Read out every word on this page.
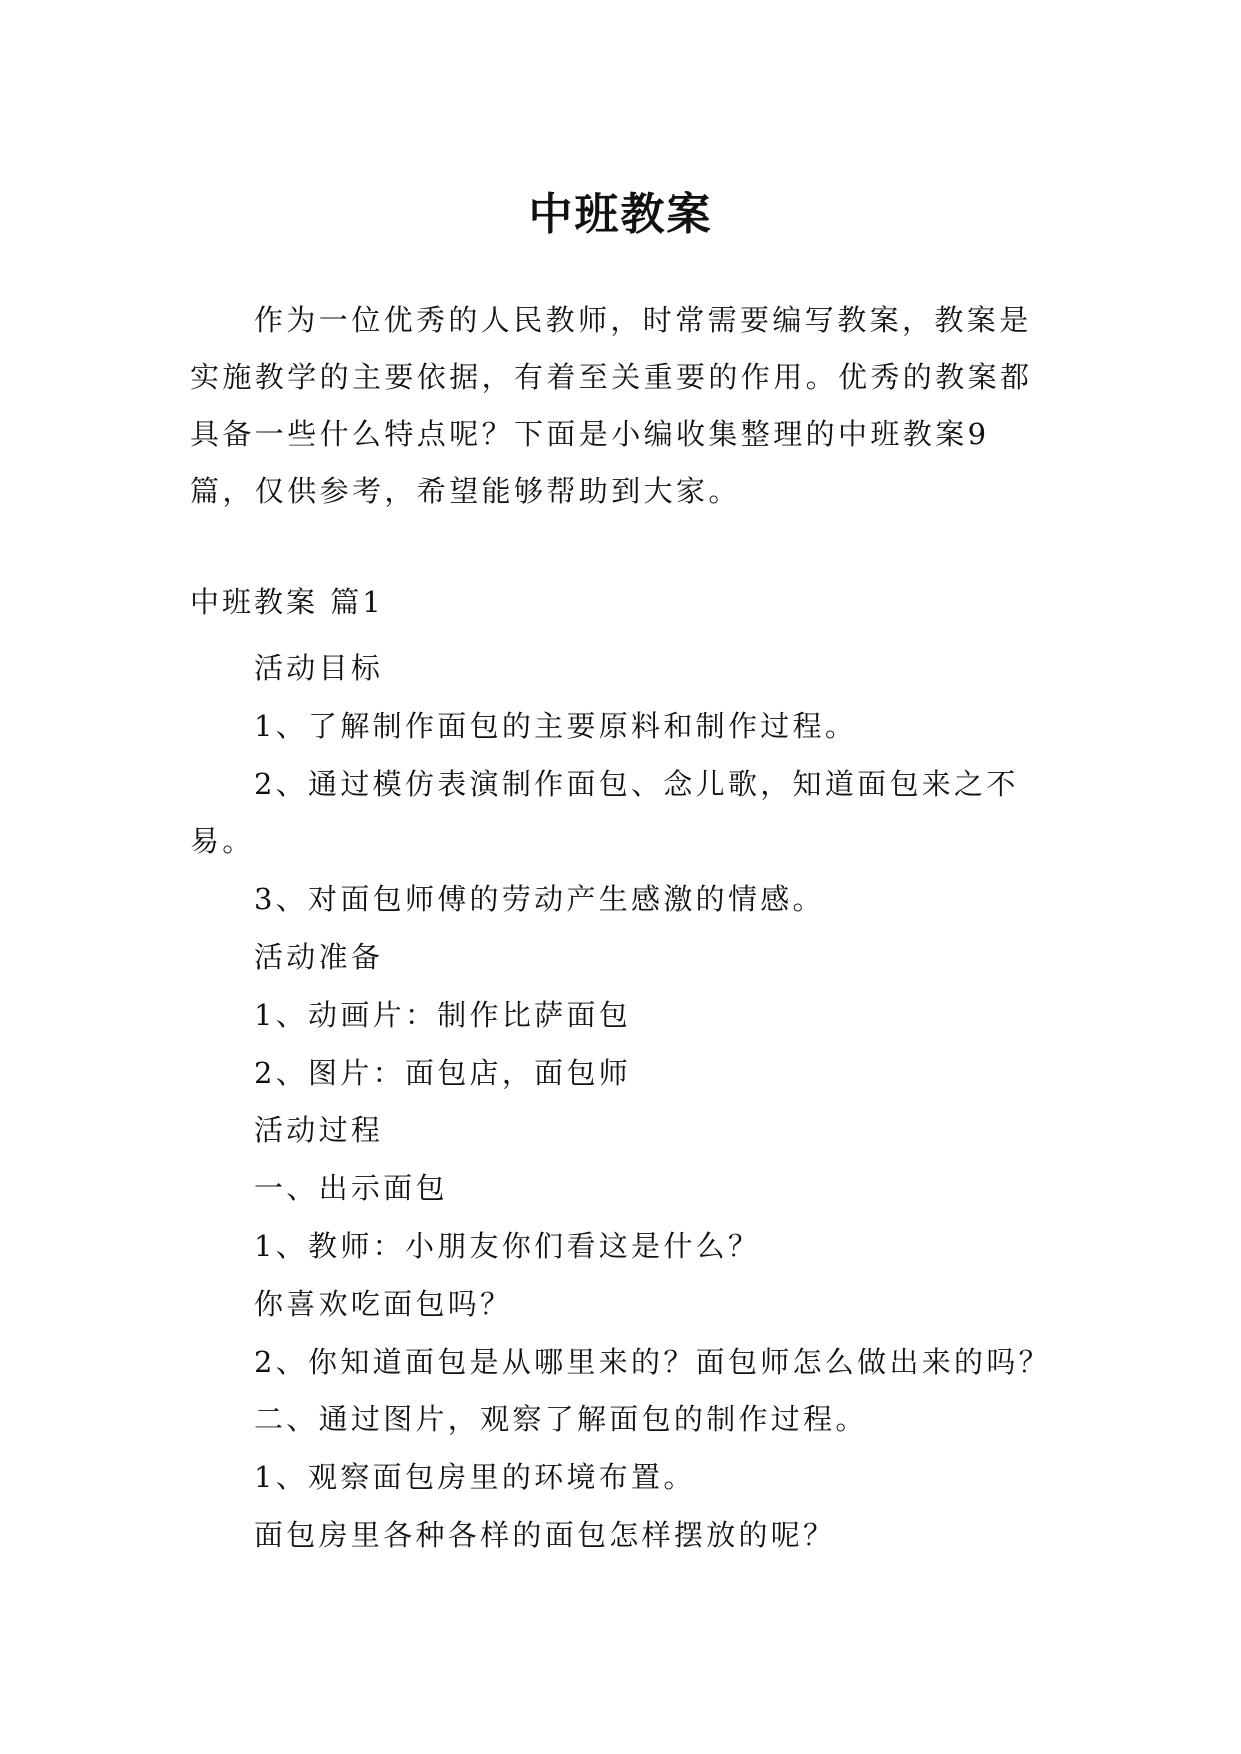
中班教案

作为一位优秀的人民教师，时常需要编写教案，教案是实施教学的主要依据，有着至关重要的作用。优秀的教案都具备一些什么特点呢？下面是小编收集整理的中班教案9篇，仅供参考，希望能够帮助到大家。

中班教案 篇1

活动目标

1、了解制作面包的主要原料和制作过程。

2、通过模仿表演制作面包、念儿歌，知道面包来之不易。

3、对面包师傅的劳动产生感激的情感。

活动准备

1、动画片：制作比萨面包

2、图片：面包店，面包师

活动过程

一、出示面包

1、教师：小朋友你们看这是什么？

你喜欢吃面包吗？

2、你知道面包是从哪里来的？面包师怎么做出来的吗？

二、通过图片，观察了解面包的制作过程。

1、观察面包房里的环境布置。

面包房里各种各样的面包怎样摆放的呢？
